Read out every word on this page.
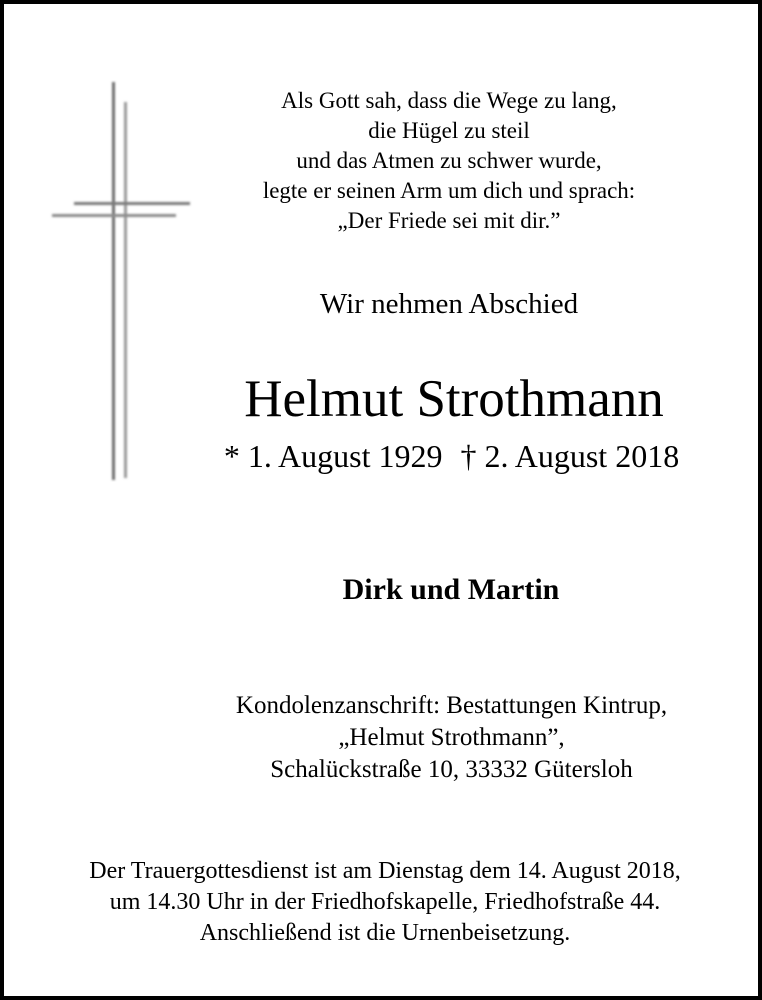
Als Gott sah, dass die Wege zu lang,
die Hügel zu steil
und das Atmen zu schwer wurde,
legte er seinen Arm um dich und sprach:
„Der Friede sei mit dir.”
Wir nehmen Abschied
Helmut Strothmann
* 1. August 1929 † 2. August 2018
Dirk und Martin
Kondolenzanschrift: Bestattungen Kintrup,
„Helmut Strothmann”,
Schalückstraße 10, 33332 Gütersloh
Der Trauergottesdienst ist am Dienstag dem 14. August 2018,
um 14.30 Uhr in der Friedhofskapelle, Friedhofstraße 44.
Anschließend ist die Urnenbeisetzung.
